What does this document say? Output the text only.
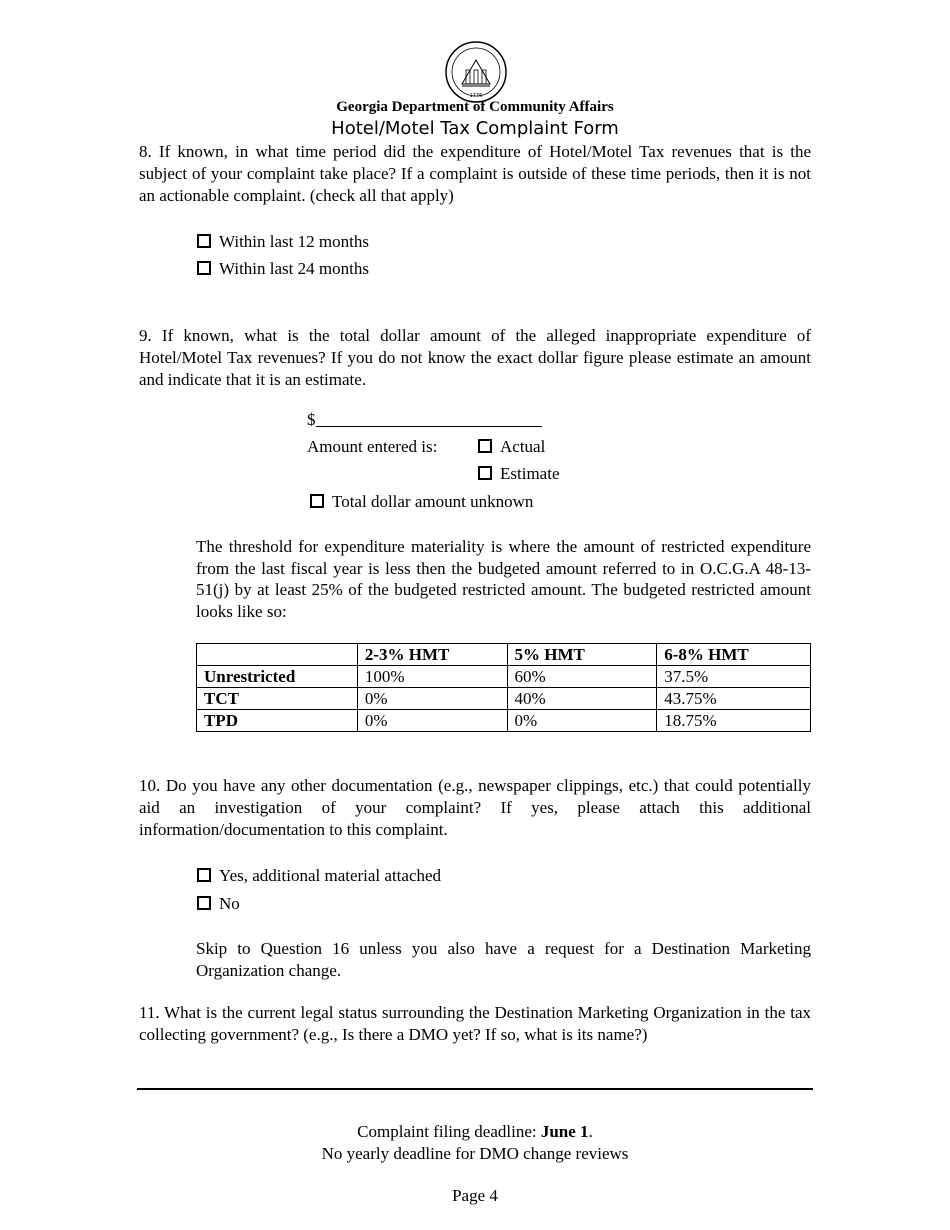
1776
Georgia Department of Community Affairs
Hotel/Motel Tax Complaint Form

8. If known, in what time period did the expenditure of Hotel/Motel Tax revenues that is the subject of your complaint take place? If a complaint is outside of these time periods, then it is not an actionable complaint. (check all that apply)

Within last 12 months
Within last 24 months

9. If known, what is the total dollar amount of the alleged inappropriate expenditure of Hotel/Motel Tax revenues? If you do not know the exact dollar figure please estimate an amount and indicate that it is an estimate.

$
Amount entered is:	Actual
Estimate
Total dollar amount unknown

The threshold for expenditure materiality is where the amount of restricted expenditure from the last fiscal year is less then the budgeted amount referred to in O.C.G.A 48-13-51(j) by at least 25% of the budgeted restricted amount. The budgeted restricted amount looks like so:

	2-3% HMT	5% HMT	6-8% HMT
Unrestricted	100%	60%	37.5%
TCT	0%	40%	43.75%
TPD	0%	0%	18.75%

10. Do you have any other documentation (e.g., newspaper clippings, etc.) that could potentially aid an investigation of your complaint? If yes, please attach this additional information/documentation to this complaint.

Yes, additional material attached
No

Skip to Question 16 unless you also have a request for a Destination Marketing Organization change.

11. What is the current legal status surrounding the Destination Marketing Organization in the tax collecting government? (e.g., Is there a DMO yet? If so, what is its name?)

Complaint filing deadline: June 1.
No yearly deadline for DMO change reviews
Page 4
